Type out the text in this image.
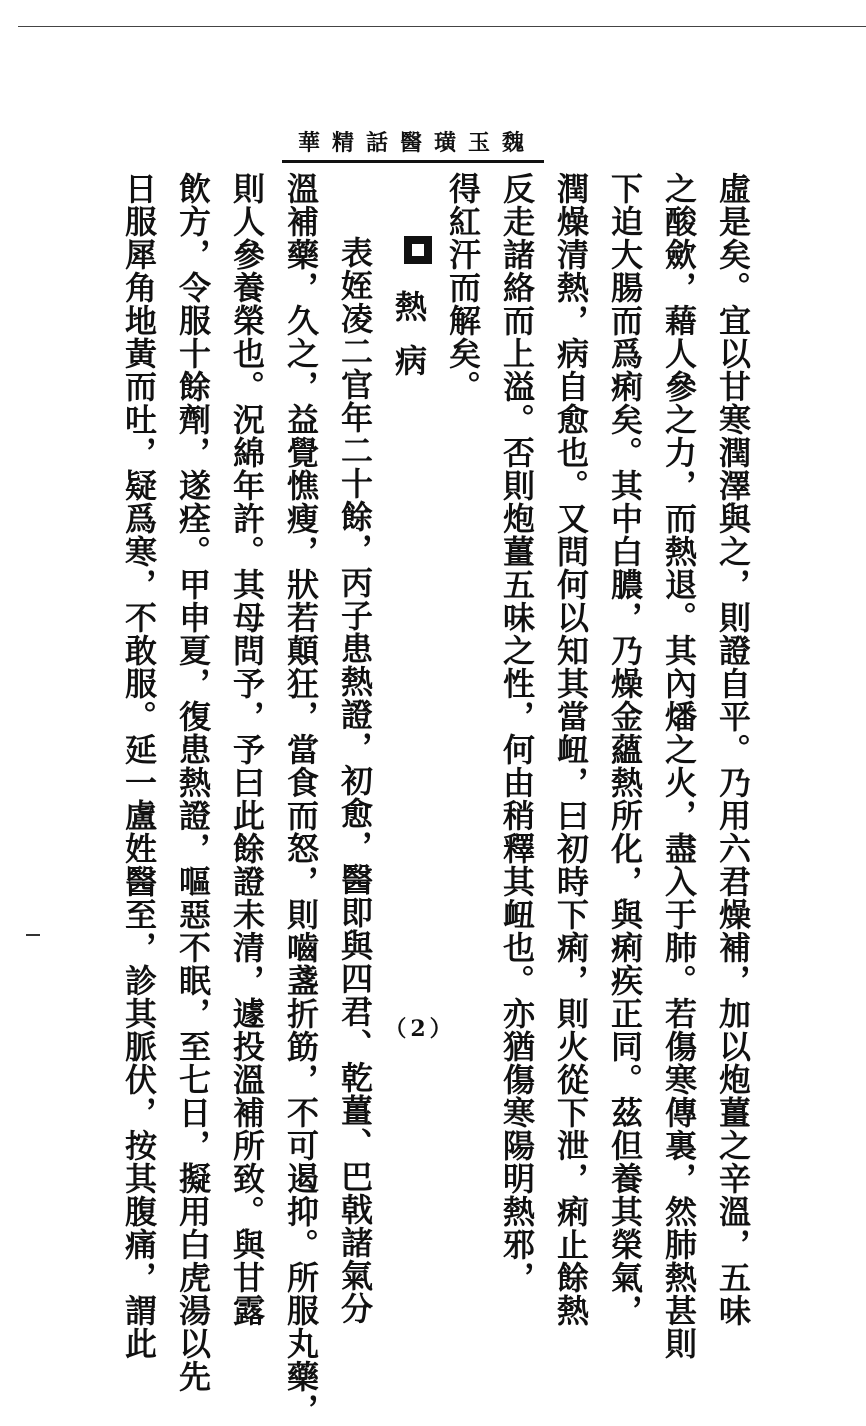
魏玉璜醫話精華
虛是矣。宜以甘寒潤澤與之，則證自平。乃用六君燥補，加以炮薑之辛溫，五味
之酸歛，藉人參之力，而熱退。其內燔之火，盡入于肺。若傷寒傳裏，然肺熱甚則
下迫大腸而爲痢矣。其中白膿，乃燥金蘊熱所化，與痢疾正同。茲但養其榮氣，
潤燥清熱，病自愈也。又問何以知其當衄，曰初時下痢，則火從下泄，痢止餘熱
反走諸絡而上溢。否則炮薑五味之性，何由稍釋其衄也。亦猶傷寒陽明熱邪，
得紅汗而解矣。
熱病
表姪凌二官年二十餘，丙子患熱證，初愈，醫即與四君、乾薑、巴戟諸氣分
溫補藥，久之，益覺憔瘦，狀若顛狂，當食而怒，則嚙盞折筯，不可遏抑。所服丸藥，
則人參養榮也。況綿年許。其母問予，予曰此餘證未清，遽投溫補所致。與甘露
飲方，令服十餘劑，遂痊。甲申夏，復患熱證，嘔惡不眠，至七日，擬用白虎湯以先
日服犀角地黃而吐，疑爲寒，不敢服。延一盧姓醫至，診其脈伏，按其腹痛，謂此	（2）
